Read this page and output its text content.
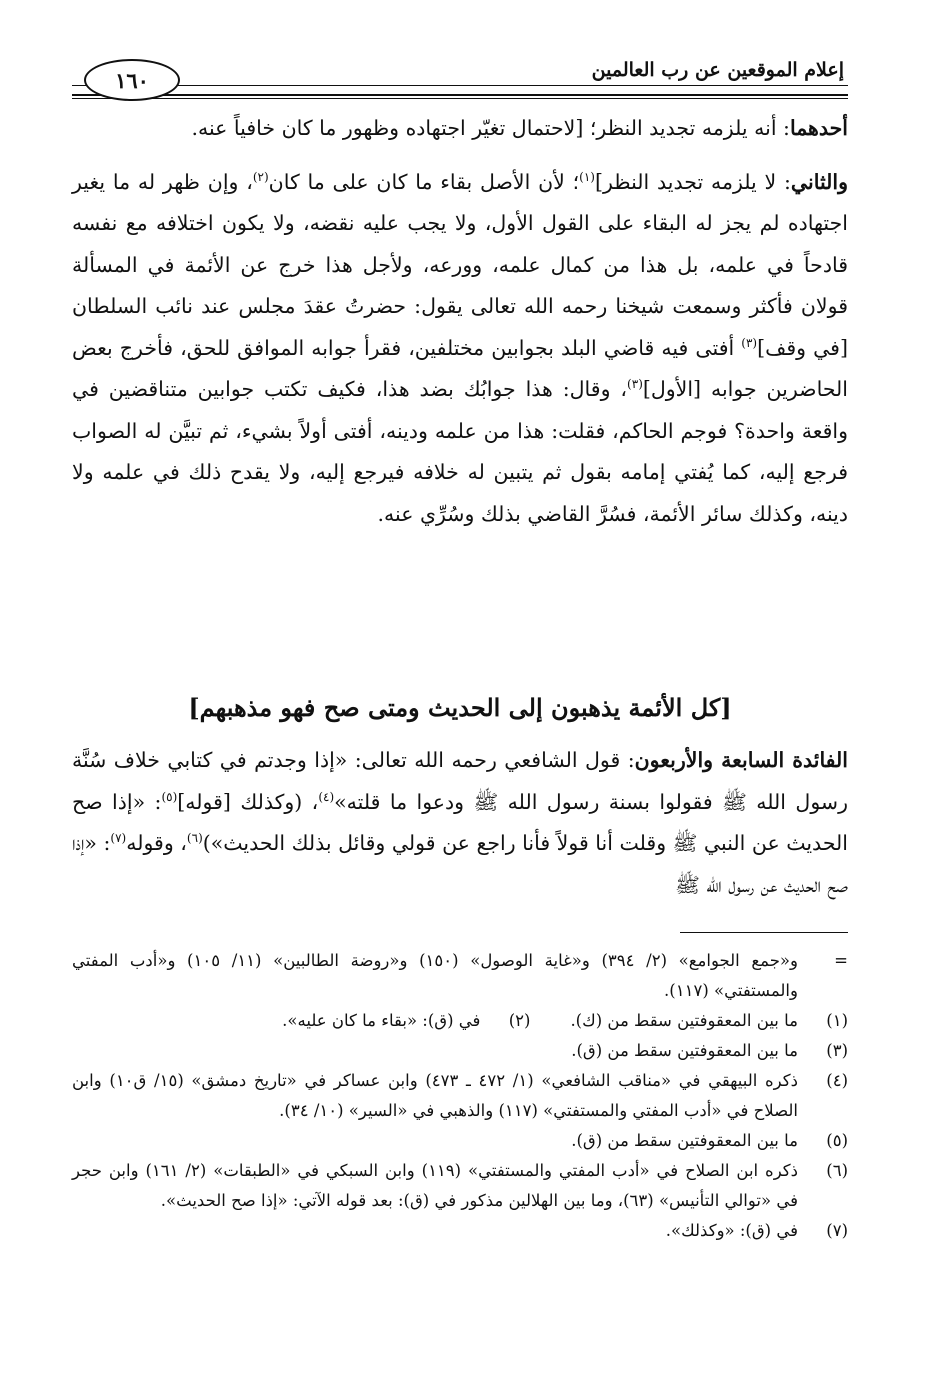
إعلام الموقعين عن رب العالمين
١٦٠

أحدهما: أنه يلزمه تجديد النظر؛ [لاحتمال تغيّر اجتهاده وظهور ما كان خافياً عنه.

والثاني: لا يلزمه تجديد النظر]$^{(١)}$؛ لأن الأصل بقاء ما كان على ما كان$^{(٢)}$، وإن ظهر له ما يغير اجتهاده لم يجز له البقاء على القول الأول، ولا يجب عليه نقضه، ولا يكون اختلافه مع نفسه قادحاً في علمه، بل هذا من كمال علمه، وورعه، ولأجل هذا خرج عن الأئمة في المسألة قولان فأكثر وسمعت شيخنا رحمه الله تعالى يقول: حضرتُ عقدَ مجلس عند نائب السلطان [في وقف]$^{(٣)}$ أفتى فيه قاضي البلد بجوابين مختلفين، فقرأ جوابه الموافق للحق، فأخرج بعض الحاضرين جوابه [الأول]$^{(٣)}$، وقال: هذا جوابُك بضد هذا، فكيف تكتب جوابين متناقضين في واقعة واحدة؟ فوجم الحاكم، فقلت: هذا من علمه ودينه، أفتى أولاً بشيء، ثم تبيَّن له الصواب فرجع إليه، كما يُفتي إمامه بقول ثم يتبين له خلافه فيرجع إليه، ولا يقدح ذلك في علمه ولا دينه، وكذلك سائر الأئمة، فسُرَّ القاضي بذلك وسُرِّي عنه.

[كل الأئمة يذهبون إلى الحديث ومتى صح فهو مذهبهم]

الفائدة السابعة والأربعون: قول الشافعي رحمه الله تعالى: «إذا وجدتم في كتابي خلاف سُنَّة رسول الله ﷺ فقولوا بسنة رسول الله ﷺ ودعوا ما قلته»$^{(٤)}$، (وكذلك [قوله]$^{(٥)}$: «إذا صح الحديث عن النبي ﷺ وقلت أنا قولاً فأنا راجع عن قولي وقائل بذلك الحديث»)$^{(٦)}$، وقوله$^{(٧)}$: «إذا صح الحديث عن رسول الله ﷺ

=
و«جمع الجوامع» (٢/ ٣٩٤) و«غاية الوصول» (١٥٠) و«روضة الطالبين» (١١/ ١٠٥) و«أدب المفتي والمستفتي» (١١٧).
(١)
ما بين المعقوفتين سقط من (ك).
(٢)
في (ق): «بقاء ما كان عليه».
(٣)
ما بين المعقوفتين سقط من (ق).
(٤)
ذكره البيهقي في «مناقب الشافعي» (١/ ٤٧٢ ـ ٤٧٣) وابن عساكر في «تاريخ دمشق» (١٥/ ق١٠) وابن الصلاح في «أدب المفتي والمستفتي» (١١٧) والذهبي في «السير» (١٠/ ٣٤).
(٥)
ما بين المعقوفتين سقط من (ق).
(٦)
ذكره ابن الصلاح في «أدب المفتي والمستفتي» (١١٩) وابن السبكي في «الطبقات» (٢/ ١٦١) وابن حجر في «توالي التأنيس» (٦٣)، وما بين الهلالين مذكور في (ق): بعد قوله الآتي: «إذا صح الحديث».
(٧)
في (ق): «وكذلك».
